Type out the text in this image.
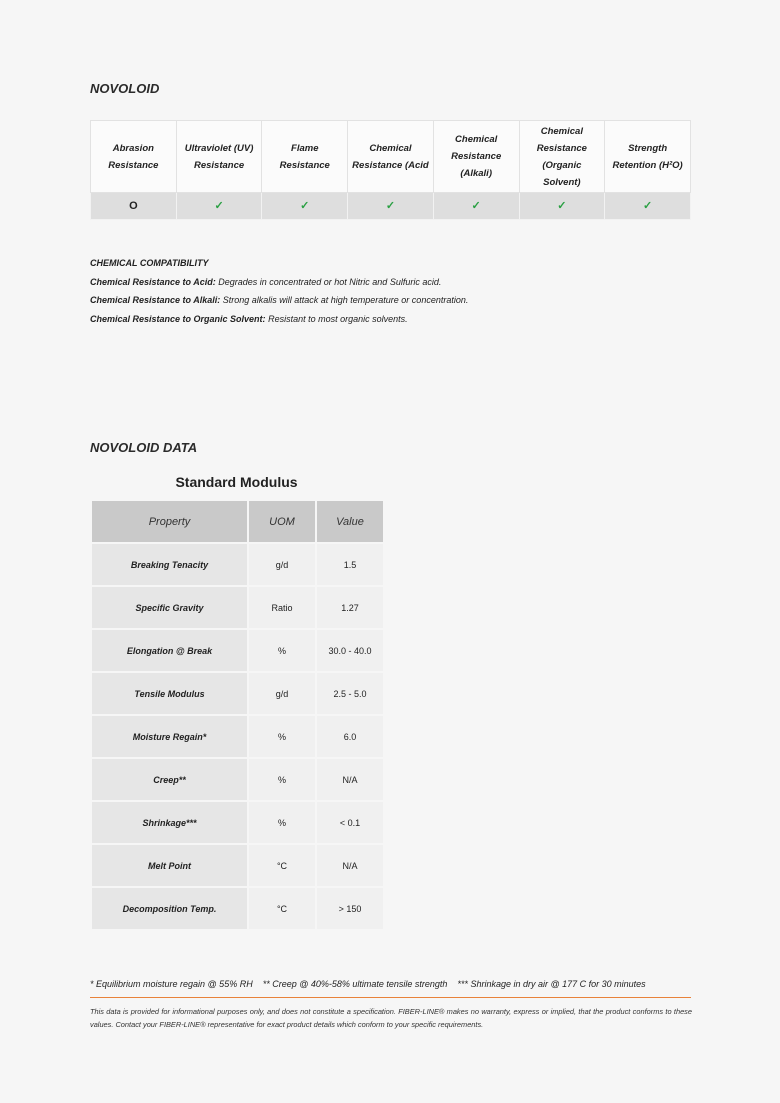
NOVOLOID
Abrasion Resistance	Ultraviolet (UV) Resistance	Flame Resistance	Chemical Resistance (Acid	Chemical Resistance (Alkali)	Chemical Resistance (Organic Solvent)	Strength Retention (H²O)
O	✓	✓	✓	✓	✓	✓
CHEMICAL COMPATIBILITY
Chemical Resistance to Acid: Degrades in concentrated or hot Nitric and Sulfuric acid.
Chemical Resistance to Alkali: Strong alkalis will attack at high temperature or concentration.
Chemical Resistance to Organic Solvent: Resistant to most organic solvents.
NOVOLOID DATA
Standard Modulus
Property	UOM	Value
Breaking Tenacity	g/d	1.5
Specific Gravity	Ratio	1.27
Elongation @ Break	%	30.0 - 40.0
Tensile Modulus	g/d	2.5 - 5.0
Moisture Regain*	%	6.0
Creep**	%	N/A
Shrinkage***	%	< 0.1
Melt Point	°C	N/A
Decomposition Temp.	°C	> 150
* Equilibrium moisture regain @ 55% RH    ** Creep @ 40%-58% ultimate tensile strength    *** Shrinkage in dry air @ 177 C for 30 minutes
This data is provided for informational purposes only, and does not constitute a specification. FIBER-LINE® makes no warranty, express or implied, that the product conforms to these values. Contact your FIBER-LINE® representative for exact product details which conform to your specific requirements.
